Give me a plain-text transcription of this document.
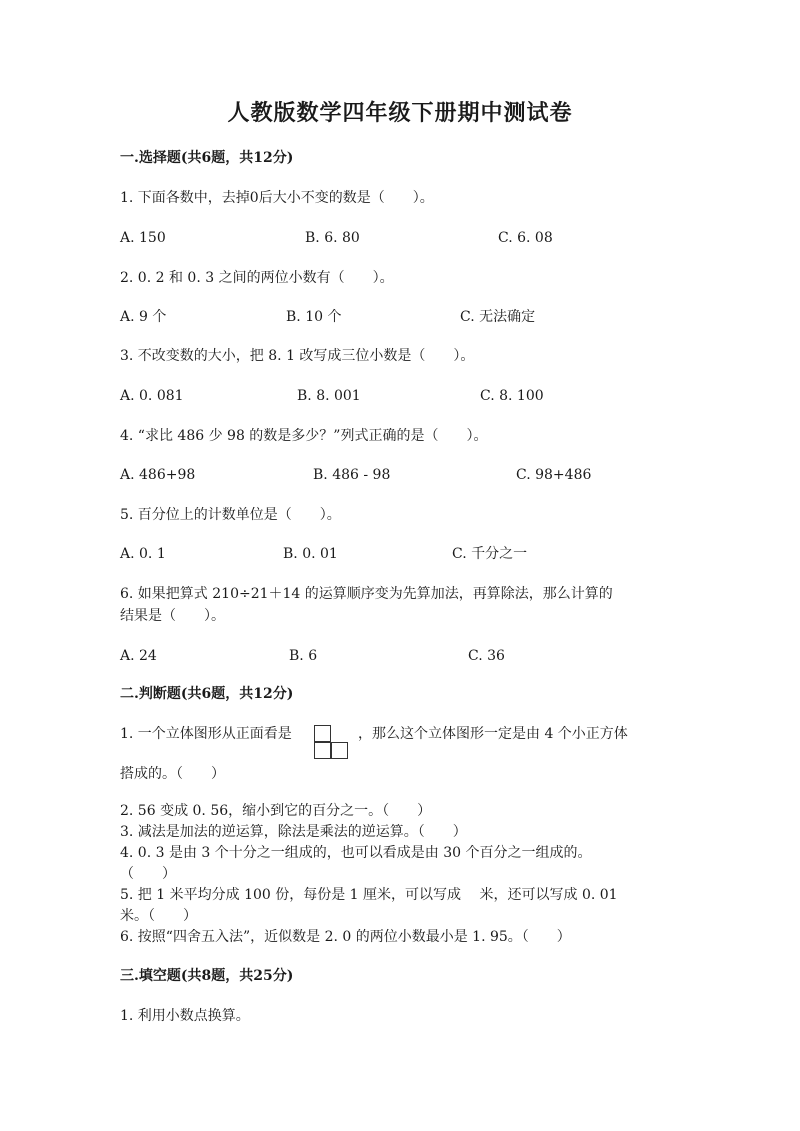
人教版数学四年级下册期中测试卷
一.选择题(共6题，共12分)
1. 下面各数中，去掉0后大小不变的数是（　　）。
A. 150	B. 6. 80	C. 6. 08
2. 0. 2 和 0. 3 之间的两位小数有（　　）。
A. 9 个	B. 10 个	C. 无法确定
3. 不改变数的大小，把 8. 1 改写成三位小数是（　　）。
A. 0. 081	B. 8. 001	C. 8. 100
4. “求比 486 少 98 的数是多少？”列式正确的是（　　）。
A. 486+98	B. 486 - 98	C. 98+486
5. 百分位上的计数单位是（　　）。
A. 0. 1	B. 0. 01	C. 千分之一
6. 如果把算式 210÷21＋14 的运算顺序变为先算加法，再算除法，那么计算的
结果是（　　）。
A. 24	B. 6	C. 36
二.判断题(共6题，共12分)
1. 一个立体图形从正面看是	，那么这个立体图形一定是由 4 个小正方体
搭成的。（　　）
2. 56 变成 0. 56，缩小到它的百分之一。（　　）
3. 减法是加法的逆运算，除法是乘法的逆运算。（　　）
4. 0. 3 是由 3 个十分之一组成的，也可以看成是由 30 个百分之一组成的。
（　　）
5. 把 1 米平均分成 100 份，每份是 1 厘米，可以写成　 米，还可以写成 0. 01
米。（　　）
6. 按照“四舍五入法”，近似数是 2. 0 的两位小数最小是 1. 95。（　　）
三.填空题(共8题，共25分)
1. 利用小数点换算。
